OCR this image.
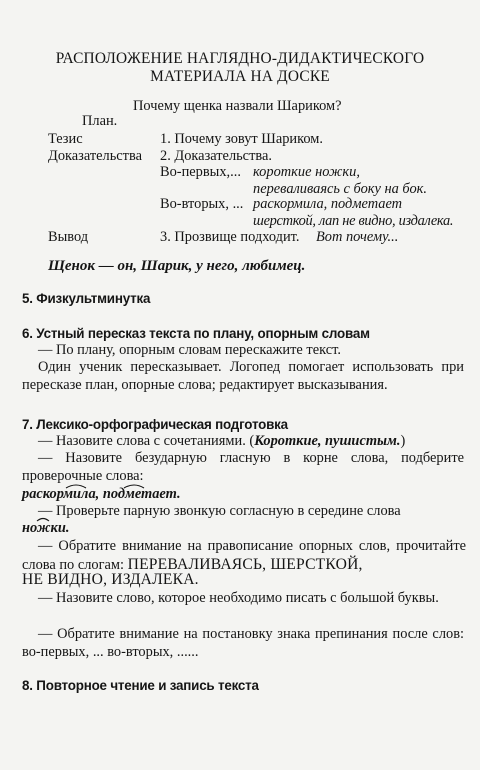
РАСПОЛОЖЕНИЕ НАГЛЯДНО-ДИДАКТИЧЕСКОГО
МАТЕРИАЛА НА ДОСКЕ
Почему щенка назвали Шариком?
План.
Тезис	1. Почему зовут Шариком.
Доказательства 2. Доказательства.
Во-первых,... короткие ножки,
переваливаясь с боку на бок.
Во-вторых, ... раскормила, подметает
шерсткой, лап не видно, издалека.
Вывод	3. Прозвище подходит. Вот почему...
Щенок — он, Шарик, у него, любимец.
5. Физкультминутка
6. Устный пересказ текста по плану, опорным словам
— По плану, опорным словам перескажите текст.
Один ученик пересказывает. Логопед помогает использовать при пересказе план, опорные слова; редактирует высказывания.
7. Лексико-орфографическая подготовка
— Назовите слова с сочетаниями. (Короткие, пушистым.)
— Назовите безударную гласную в корне слова, подберите проверочные слова:
раскормила, подметает.
— Проверьте парную звонкую согласную в середине слова
ножки.
— Обратите внимание на правописание опорных слов, прочитайте слова по слогам: ПЕРЕВАЛИВАЯСЬ, ШЕРСТКОЙ,
НЕ ВИДНО, ИЗДАЛЕКА.
— Назовите слово, которое необходимо писать с большой буквы.
— Обратите внимание на постановку знака препинания после слов: во-первых, ... во-вторых, ......
8. Повторное чтение и запись текста
